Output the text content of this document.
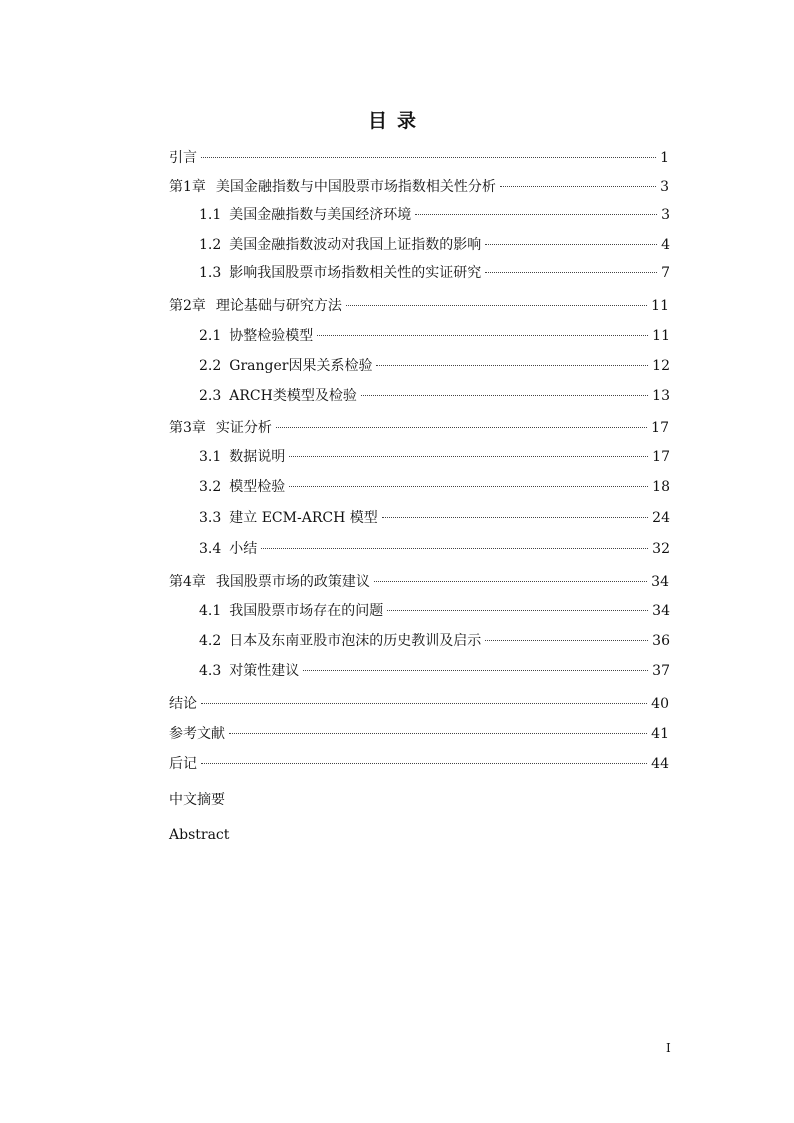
目录
引言	1
第1章 美国金融指数与中国股票市场指数相关性分析	3
1.1 美国金融指数与美国经济环境	3
1.2 美国金融指数波动对我国上证指数的影响	4
1.3 影响我国股票市场指数相关性的实证研究	7
第2章 理论基础与研究方法	11
2.1 协整检验模型	11
2.2 Granger因果关系检验	12
2.3 ARCH类模型及检验	13
第3章 实证分析	17
3.1 数据说明	17
3.2 模型检验	18
3.3 建立 ECM-ARCH 模型	24
3.4 小结	32
第4章 我国股票市场的政策建议	34
4.1 我国股票市场存在的问题	34
4.2 日本及东南亚股市泡沫的历史教训及启示	36
4.3 对策性建议	37
结论	40
参考文献	41
后记	44
中文摘要
Abstract
I
